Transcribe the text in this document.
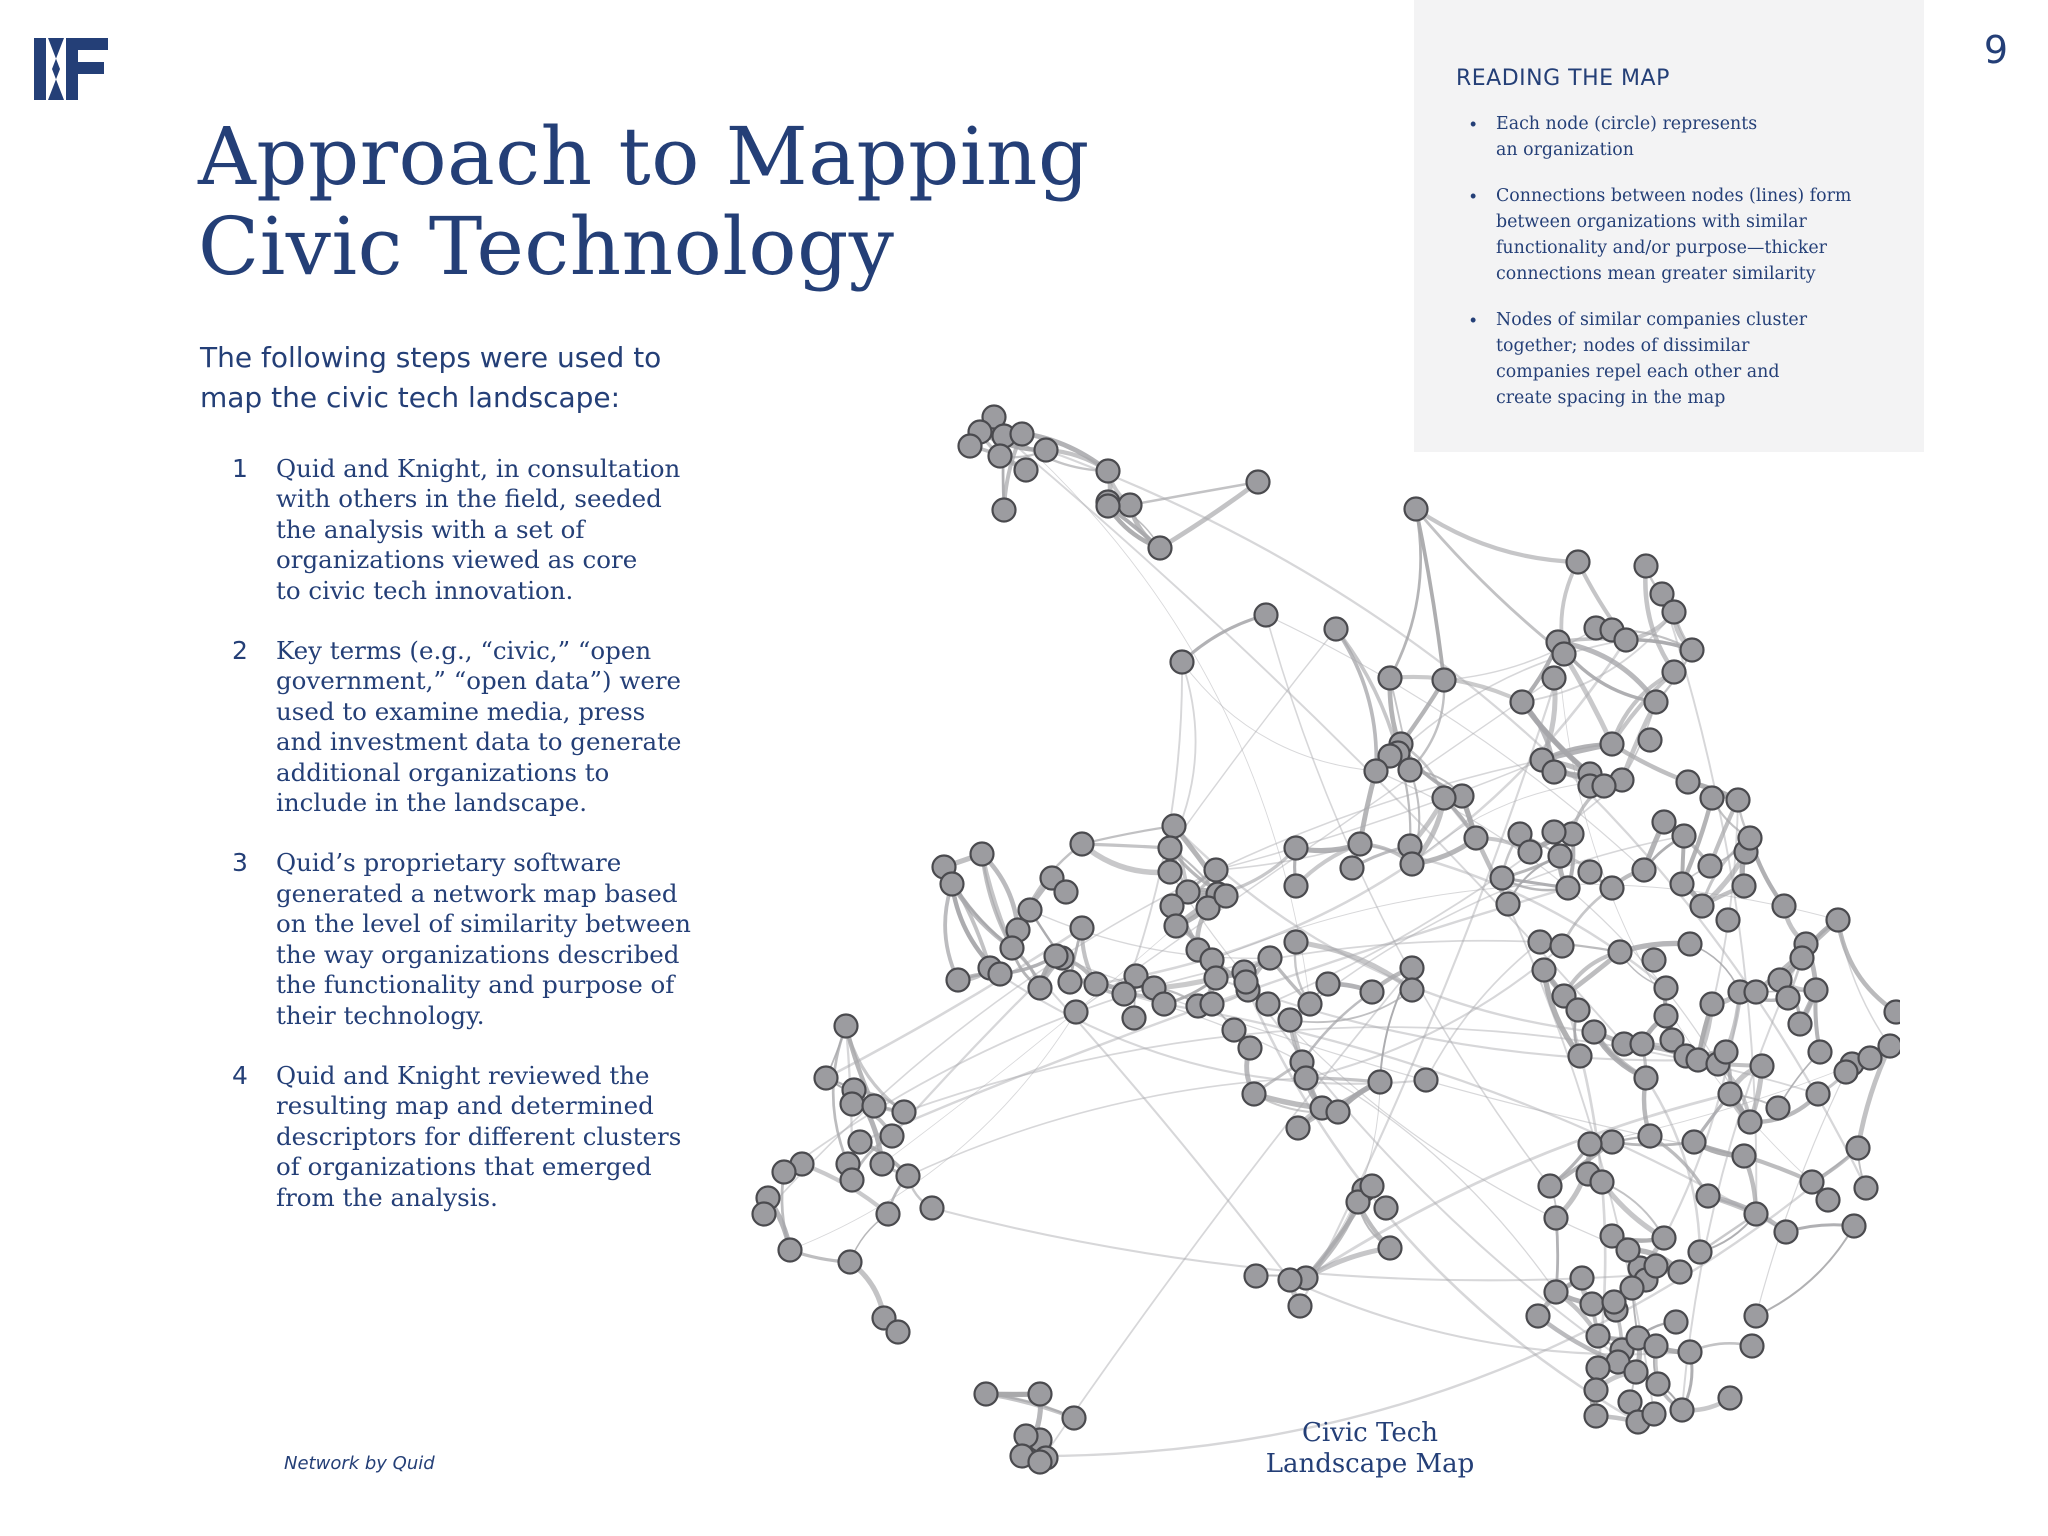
9
Approach to Mapping
Civic Technology

The following steps were used to
map the civic tech landscape:

1 Quid and Knight, in consultation
with others in the field, seeded
the analysis with a set of
organizations viewed as core
to civic tech innovation.
2 Key terms (e.g., “civic,” “open
government,” “open data”) were
used to examine media, press
and investment data to generate
additional organizations to
include in the landscape.
3 Quid’s proprietary software
generated a network map based
on the level of similarity between
the way organizations described
the functionality and purpose of
their technology.
4 Quid and Knight reviewed the
resulting map and determined
descriptors for different clusters
of organizations that emerged
from the analysis.
Network by Quid
READING THE MAP
• Each node (circle) represents
an organization
• Connections between nodes (lines) form
between organizations with similar
functionality and/or purpose—thicker
connections mean greater similarity
• Nodes of similar companies cluster
together; nodes of dissimilar
companies repel each other and
create spacing in the map
Civic Tech
Landscape Map
